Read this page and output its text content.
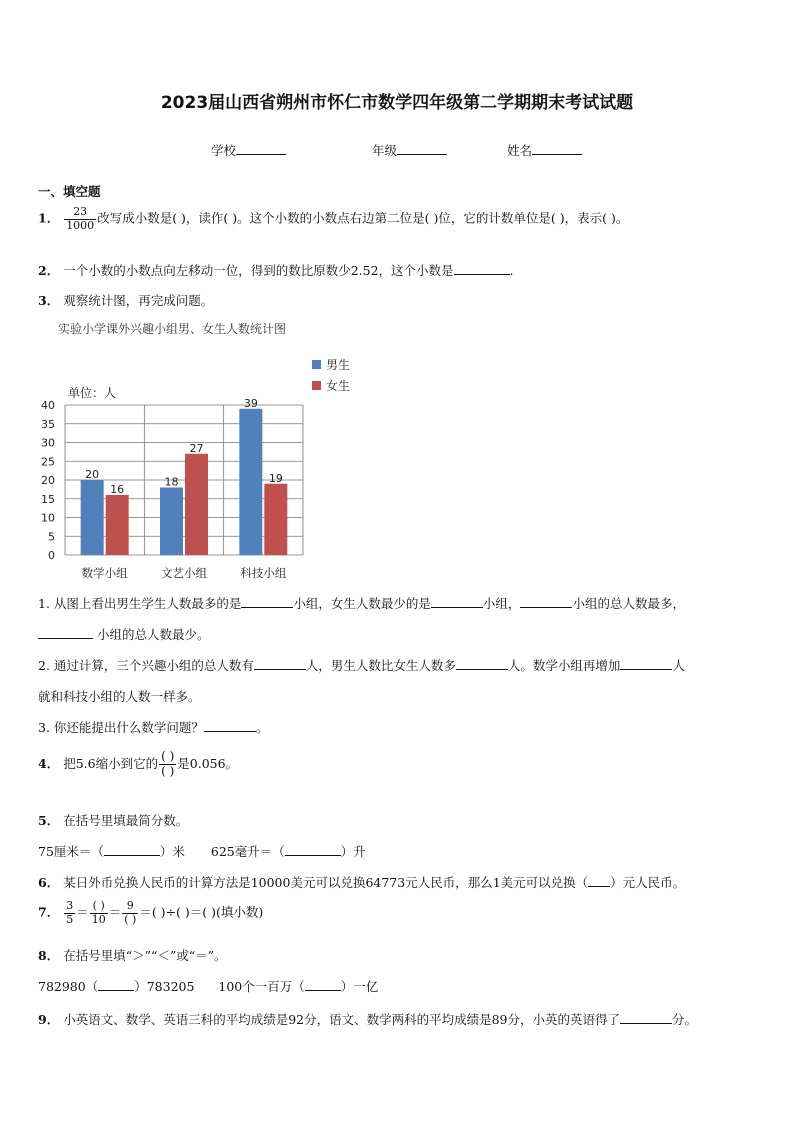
2023届山西省朔州市怀仁市数学四年级第二学期期末考试试题
学校	年级	姓名
一、填空题
1． $\frac{23}{1000}$ 改写成小数是( )，读作( )。这个小数的小数点右边第二位是( )位，它的计数单位是( )，表示( )。
2． 一个小数的小数点向左移动一位，得到的数比原数少2.52，这个小数是	.
3． 观察统计图，再完成问题。
实验小学课外兴趣小组男、女生人数统计图
0
5
10
15
20
25
30
35
40
单位：人
20
16
数学小组
18
27
文艺小组
39
19
科技小组
男生
女生
1. 从图上看出男生学生人数最多的是	小组，女生人数最少的是	小组，	小组的总人数最多，
小组的总人数最少。
2. 通过计算，三个兴趣小组的总人数有	人，男生人数比女生人数多	人。数学小组再增加	人
就和科技小组的人数一样多。
3. 你还能提出什么数学问题？	。
4． 把5.6缩小到它的 $\frac{( )}{( )}$ 是0.056。
5． 在括号里填最简分数。
75厘米＝（	）米 625毫升＝（	）升
6． 某日外币兑换人民币的计算方法是10000美元可以兑换64773元人民币，那么1美元可以兑换（ ）元人民币。
7． $\frac{3}{5} = \frac{( )}{10} = \frac{9}{( )}$ ＝( )÷( )＝( )(填小数)
8． 在括号里填“＞”“＜”或“＝”。
782980（	）783205 100个一百万（	）一亿
9． 小英语文、数学、英语三科的平均成绩是92分，语文、数学两科的平均成绩是89分，小英的英语得了	分。
